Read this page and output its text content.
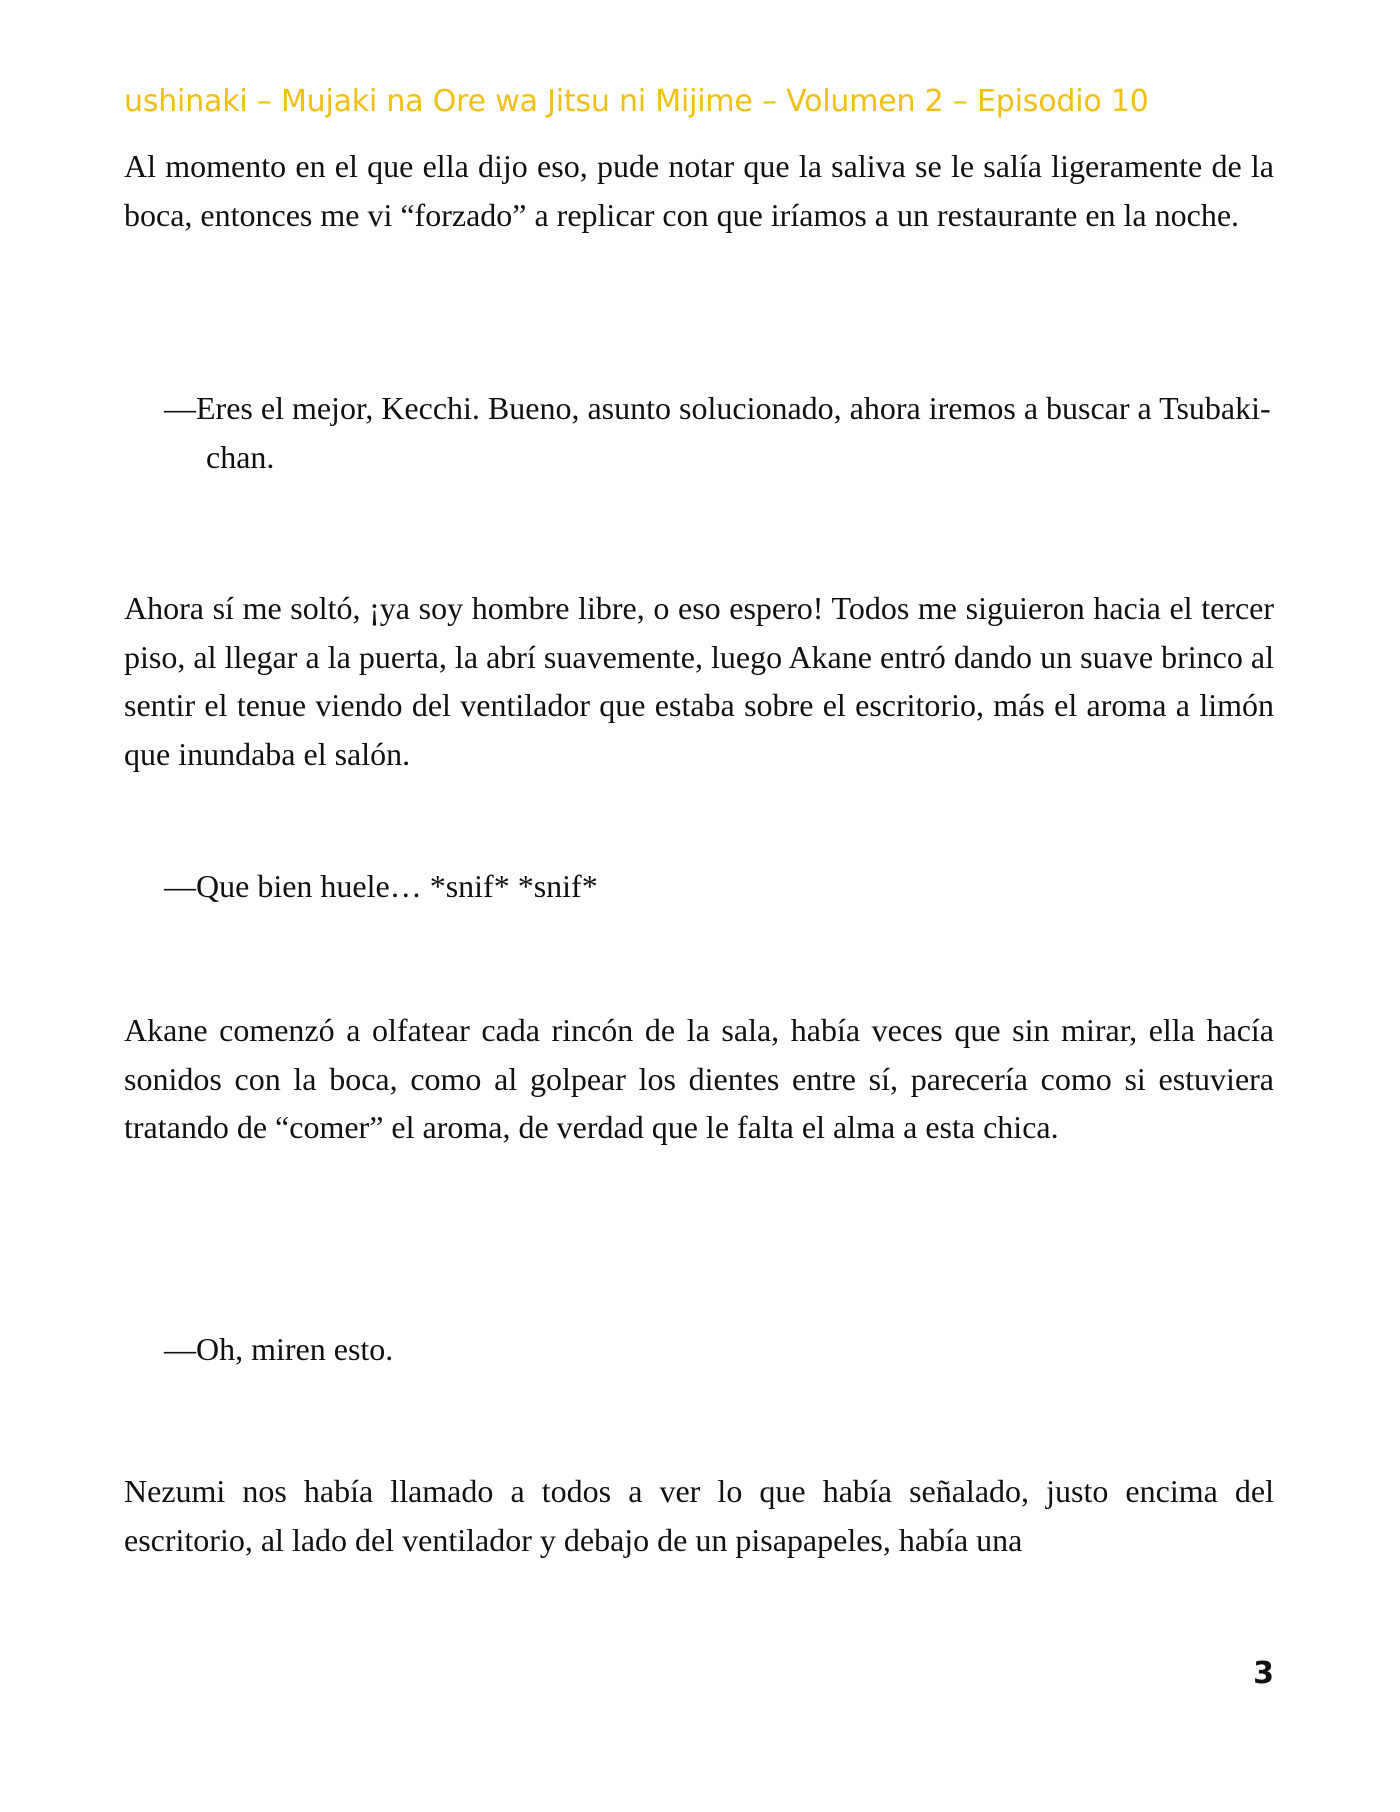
ushinaki – Mujaki na Ore wa Jitsu ni Mijime – Volumen 2 – Episodio 10

Al momento en el que ella dijo eso, pude notar que la saliva se le salía ligeramente de la boca, entonces me vi “forzado” a replicar con que iríamos a un restaurante en la noche.

—Eres el mejor, Kecchi. Bueno, asunto solucionado, ahora iremos a buscar a Tsubaki-chan.

Ahora sí me soltó, ¡ya soy hombre libre, o eso espero! Todos me siguieron hacia el tercer piso, al llegar a la puerta, la abrí suavemente, luego Akane entró dando un suave brinco al sentir el tenue viendo del ventilador que estaba sobre el escritorio, más el aroma a limón que inundaba el salón.

—Que bien huele… *snif* *snif*

Akane comenzó a olfatear cada rincón de la sala, había veces que sin mirar, ella hacía sonidos con la boca, como al golpear los dientes entre sí, parecería como si estuviera tratando de “comer” el aroma, de verdad que le falta el alma a esta chica.

—Oh, miren esto.

Nezumi nos había llamado a todos a ver lo que había señalado, justo encima del escritorio, al lado del ventilador y debajo de un pisapapeles, había una

3
